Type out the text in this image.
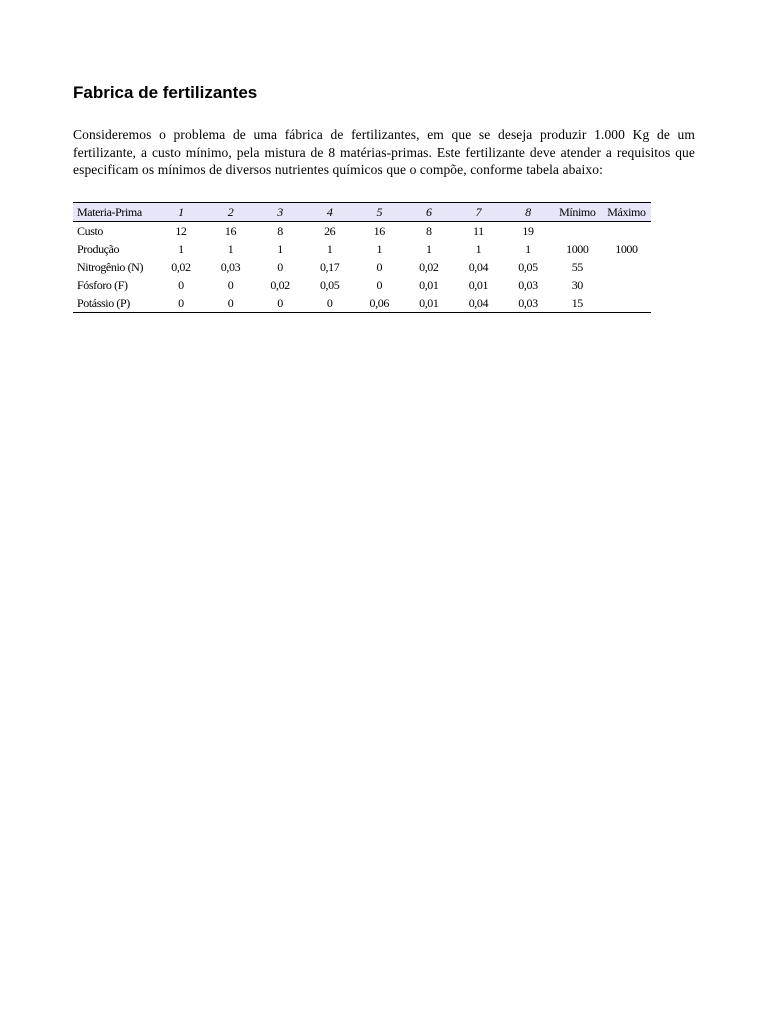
Fabrica de fertilizantes

Consideremos o problema de uma fábrica de fertilizantes, em que se deseja produzir 1.000 Kg de um fertilizante, a custo mínimo, pela mistura de 8 matérias-primas. Este fertilizante deve atender a requisitos que especificam os mínimos de diversos nutrientes químicos que o compõe, conforme tabela abaixo:

Materia-Prima	1	2	3	4	5	6	7	8	Mínimo	Máximo
Custo	12	16	8	26	16	8	11	19		
Produção	1	1	1	1	1	1	1	1	1000	1000
Nitrogênio (N)	0,02	0,03	0	0,17	0	0,02	0,04	0,05	55	
Fósforo (F)	0	0	0,02	0,05	0	0,01	0,01	0,03	30	
Potássio (P)	0	0	0	0	0,06	0,01	0,04	0,03	15	
